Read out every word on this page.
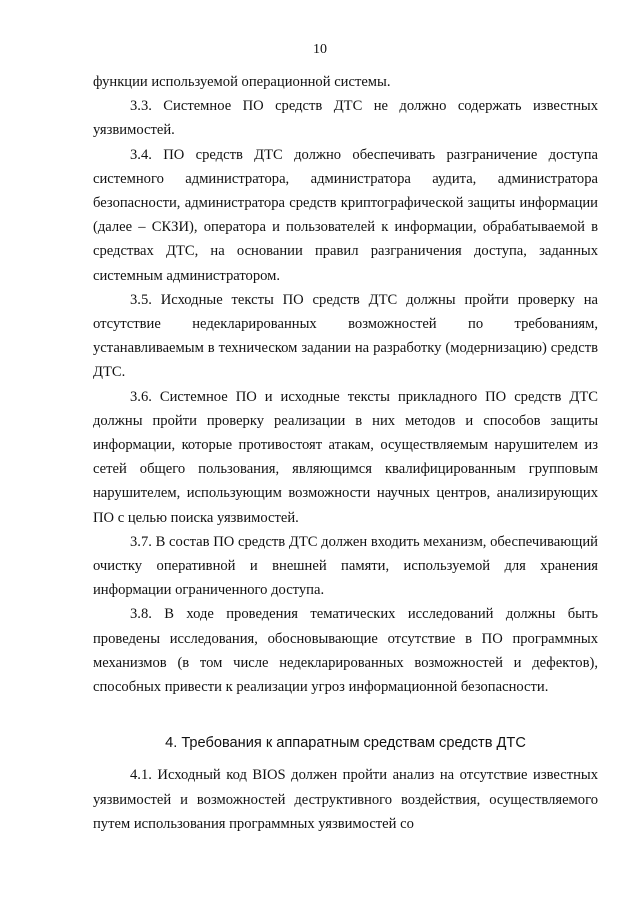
10

функции используемой операционной системы.

3.3. Системное ПО средств ДТС не должно содержать известных уязвимостей.

3.4. ПО средств ДТС должно обеспечивать разграничение доступа системного администратора, администратора аудита, администратора безопасности, администратора средств криптографической защиты информации (далее – СКЗИ), оператора и пользователей к информации, обрабатываемой в средствах ДТС, на основании правил разграничения доступа, заданных системным администратором.

3.5. Исходные тексты ПО средств ДТС должны пройти проверку на отсутствие недекларированных возможностей по требованиям, устанавливаемым в техническом задании на разработку (модернизацию) средств ДТС.

3.6. Системное ПО и исходные тексты прикладного ПО средств ДТС должны пройти проверку реализации в них методов и способов защиты информации, которые противостоят атакам, осуществляемым нарушителем из сетей общего пользования, являющимся квалифицированным групповым нарушителем, использующим возможности научных центров, анализирующих ПО с целью поиска уязвимостей.

3.7. В состав ПО средств ДТС должен входить механизм, обеспечивающий очистку оперативной и внешней памяти, используемой для хранения информации ограниченного доступа.

3.8. В ходе проведения тематических исследований должны быть проведены исследования, обосновывающие отсутствие в ПО программных механизмов (в том числе недекларированных возможностей и дефектов), способных привести к реализации угроз информационной безопасности.

4. Требования к аппаратным средствам средств ДТС

4.1. Исходный код BIOS должен пройти анализ на отсутствие известных уязвимостей и возможностей деструктивного воздействия, осуществляемого путем использования программных уязвимостей со
